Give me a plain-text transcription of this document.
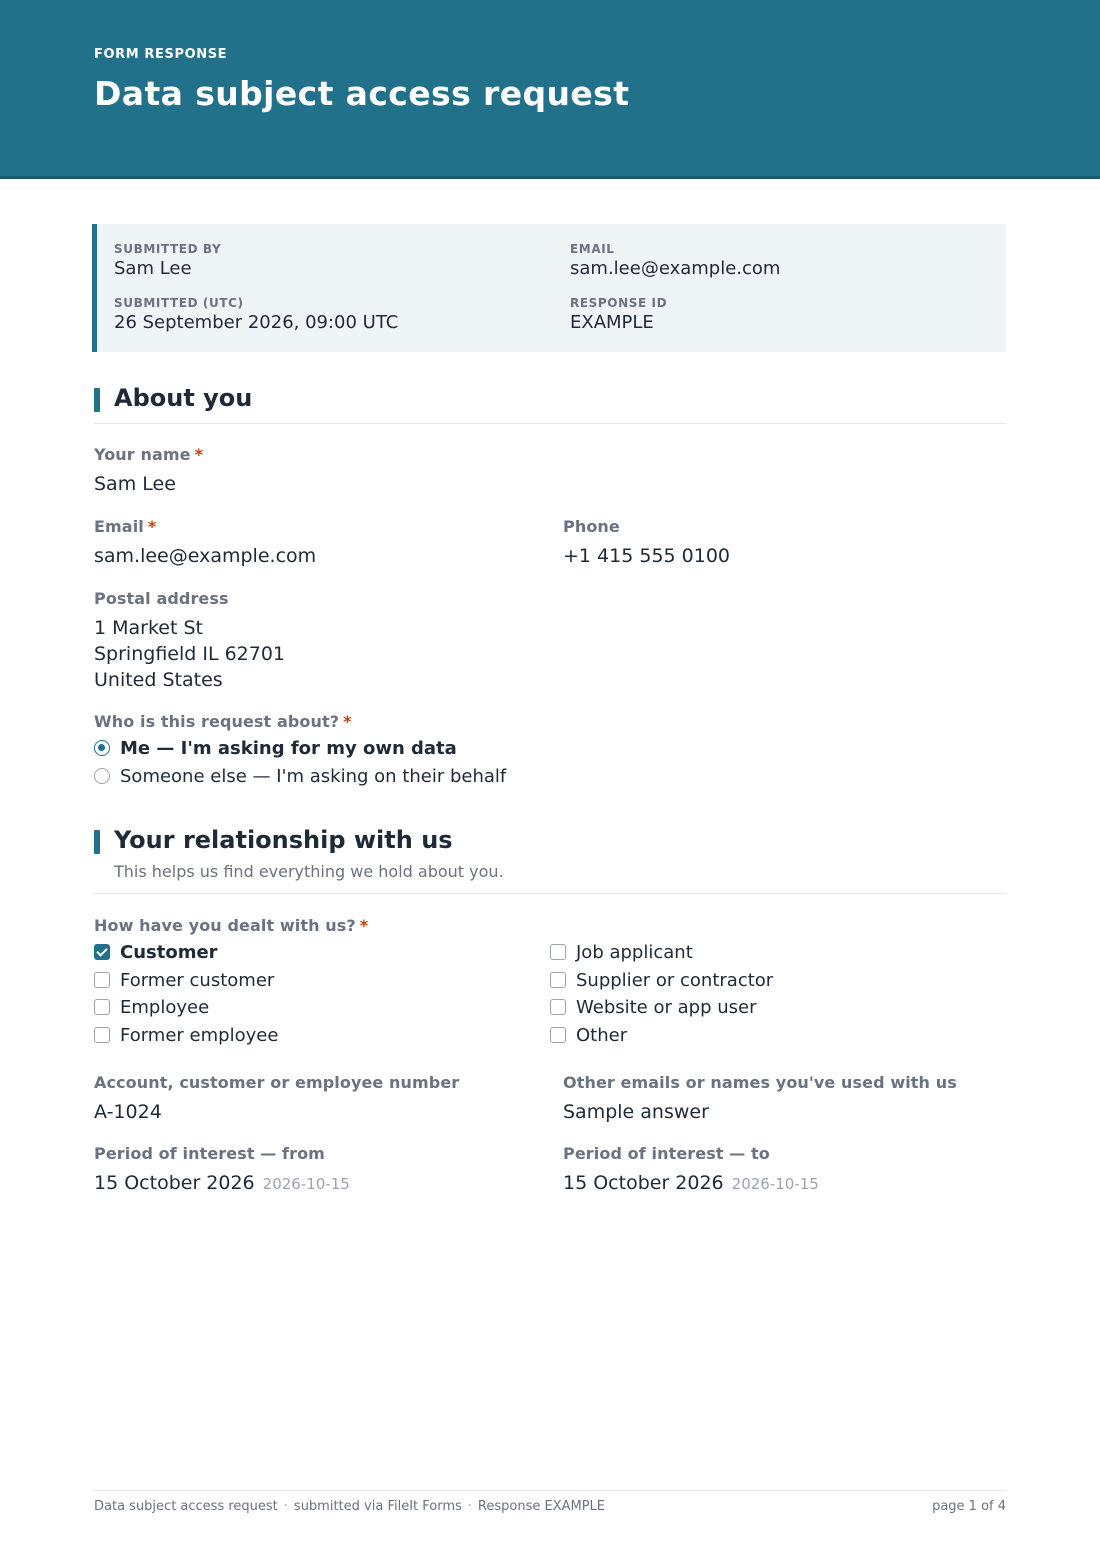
FORM RESPONSE
Data subject access request
SUBMITTED BY
Sam Lee
EMAIL
sam.lee@example.com
SUBMITTED (UTC)
26 September 2026, 09:00 UTC
RESPONSE ID
EXAMPLE
About you
Your name *
Sam Lee
Email *
sam.lee@example.com
Phone
+1 415 555 0100
Postal address
1 Market St
Springfield IL 62701
United States
Who is this request about? *
Me — I'm asking for my own data
Someone else — I'm asking on their behalf
Your relationship with us
This helps us find everything we hold about you.
How have you dealt with us? *
Customer
Former customer
Employee
Former employee
Job applicant
Supplier or contractor
Website or app user
Other
Account, customer or employee number
A-1024
Other emails or names you've used with us
Sample answer
Period of interest — from
15 October 2026 2026-10-15
Period of interest — to
15 October 2026 2026-10-15
Data subject access request · submitted via FileIt Forms · Response EXAMPLE	page 1 of 4
